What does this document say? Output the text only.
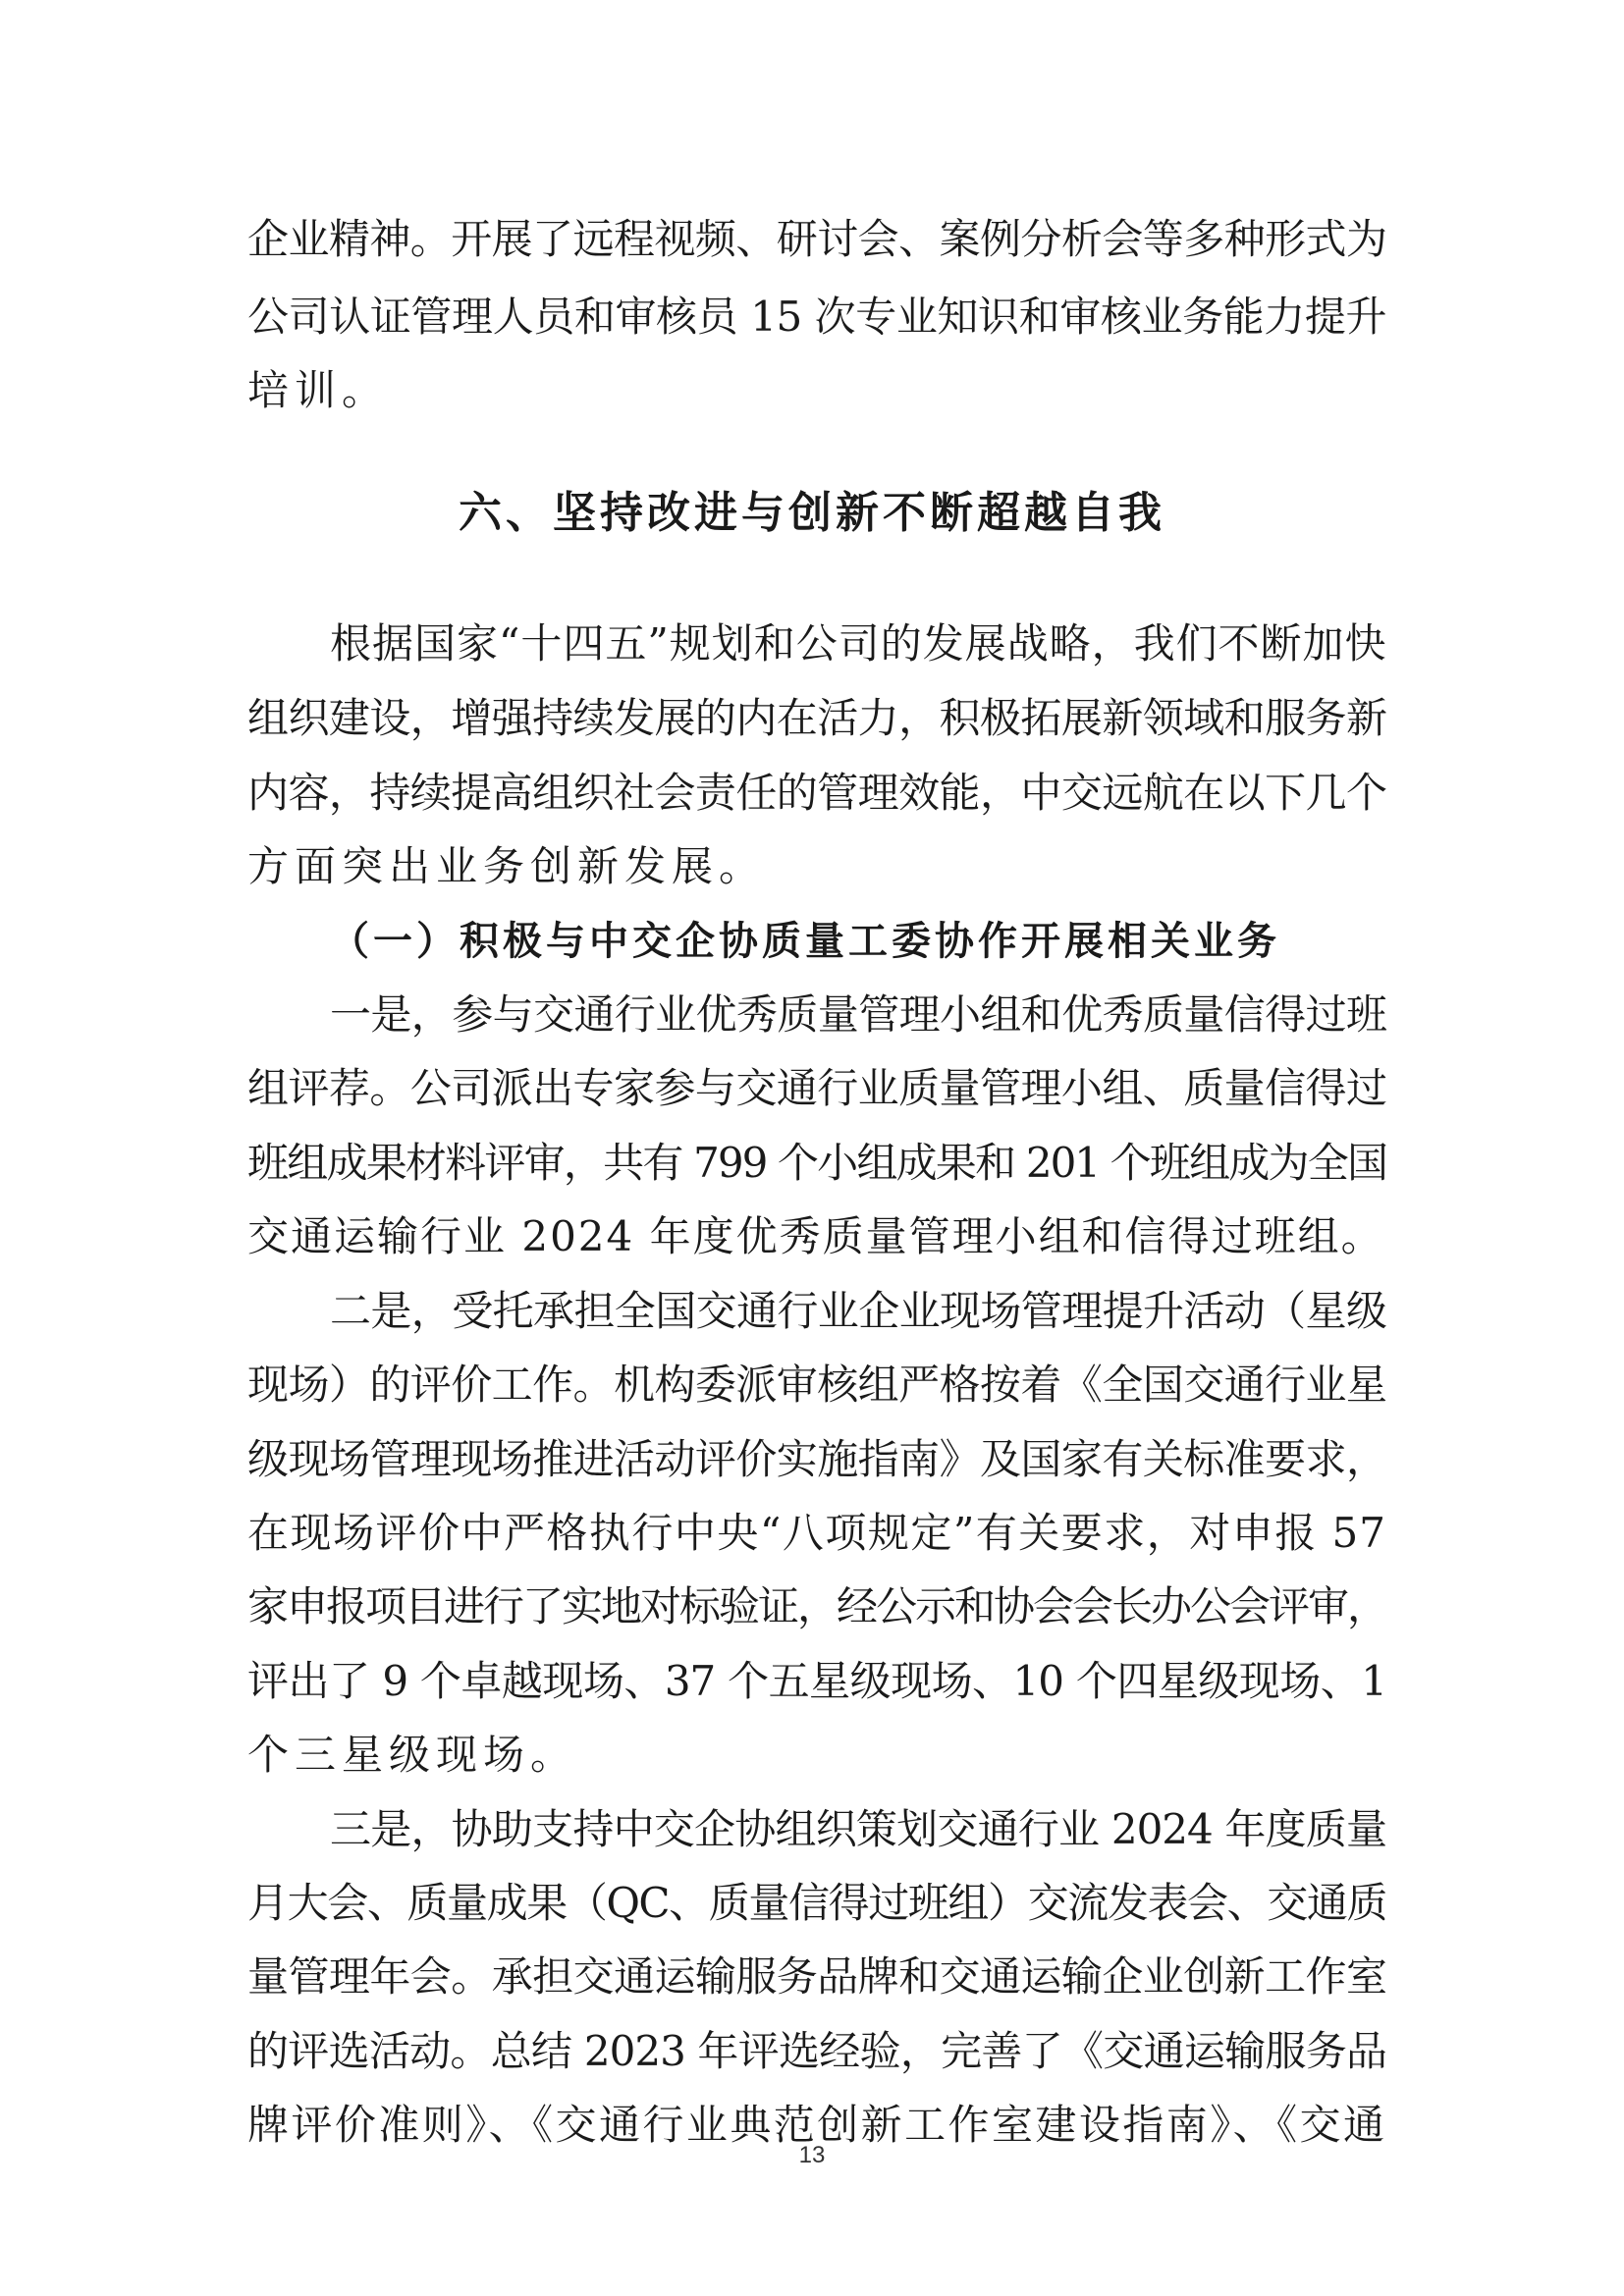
企业精神。开展了远程视频、研讨会、案例分析会等多种形式为
公司认证管理人员和审核员 15 次专业知识和审核业务能力提升
培训。
六、坚持改进与创新不断超越自我
根据国家“十四五”规划和公司的发展战略，我们不断加快
组织建设，增强持续发展的内在活力，积极拓展新领域和服务新
内容，持续提高组织社会责任的管理效能，中交远航在以下几个
方面突出业务创新发展。
（一）积极与中交企协质量工委协作开展相关业务
一是，参与交通行业优秀质量管理小组和优秀质量信得过班
组评荐。公司派出专家参与交通行业质量管理小组、质量信得过
班组成果材料评审，共有 799 个小组成果和 201 个班组成为全国
交通运输行业 2024 年度优秀质量管理小组和信得过班组。
二是，受托承担全国交通行业企业现场管理提升活动（星级
现场）的评价工作。机构委派审核组严格按着《全国交通行业星
级现场管理现场推进活动评价实施指南》及国家有关标准要求，
在现场评价中严格执行中央“八项规定”有关要求，对申报 57
家申报项目进行了实地对标验证，经公示和协会会长办公会评审，
评出了 9 个卓越现场、37 个五星级现场、10 个四星级现场、1
个三星级现场。
三是，协助支持中交企协组织策划交通行业 2024 年度质量
月大会、质量成果（QC、质量信得过班组）交流发表会、交通质
量管理年会。承担交通运输服务品牌和交通运输企业创新工作室
的评选活动。总结 2023 年评选经验，完善了《交通运输服务品
牌评价准则》、《交通行业典范创新工作室建设指南》、《交通
13
